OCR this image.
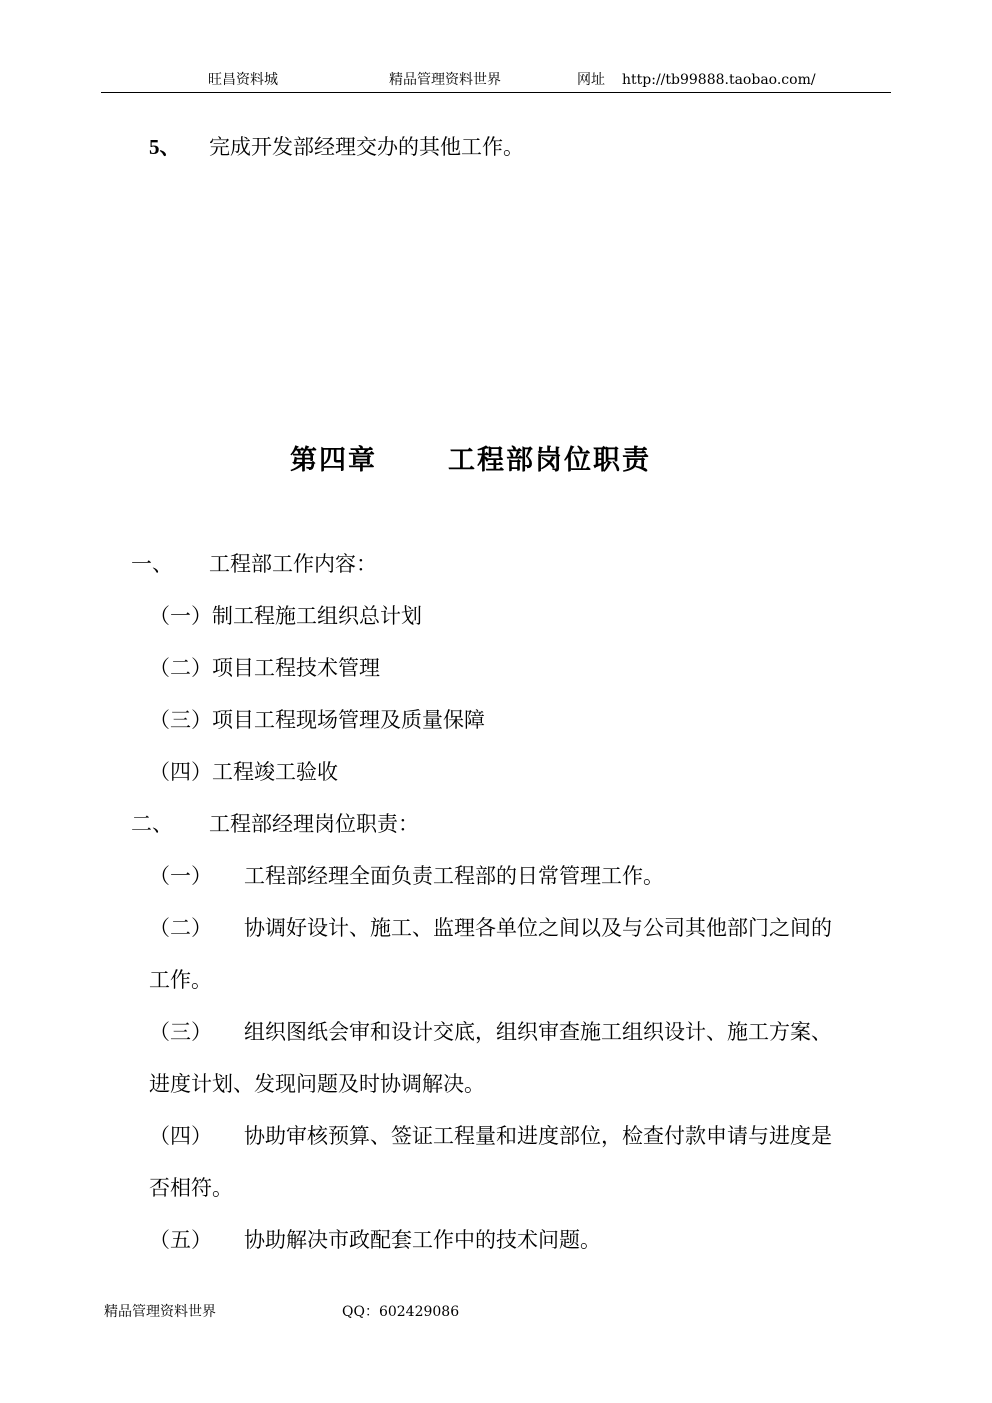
旺昌资料城	精品管理资料世界	网址 http://tb99888.taobao.com/
5、 完成开发部经理交办的其他工作。
第四章	工程部岗位职责
一、 工程部工作内容：
（一）制工程施工组织总计划
（二）项目工程技术管理
（三）项目工程现场管理及质量保障
（四）工程竣工验收
二、 工程部经理岗位职责：
（一） 工程部经理全面负责工程部的日常管理工作。
（二） 协调好设计、施工、监理各单位之间以及与公司其他部门之间的
工作。
（三） 组织图纸会审和设计交底，组织审查施工组织设计、施工方案、
进度计划、发现问题及时协调解决。
（四） 协助审核预算、签证工程量和进度部位，检查付款申请与进度是
否相符。
（五） 协助解决市政配套工作中的技术问题。
精品管理资料世界	QQ：602429086
